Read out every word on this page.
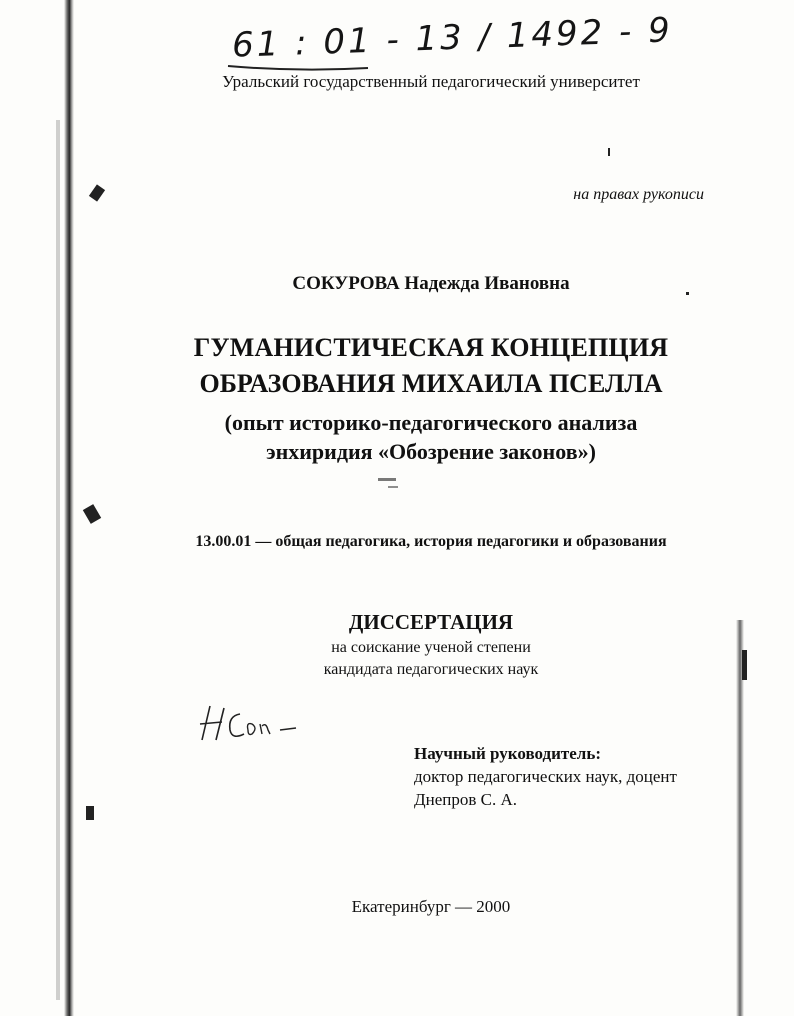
61 : 01 - 13 / 1492 - 9
Уральский государственный педагогический университет
на правах рукописи
СОКУРОВА Надежда Ивановна
ГУМАНИСТИЧЕСКАЯ КОНЦЕПЦИЯ
ОБРАЗОВАНИЯ МИХАИЛА ПСЕЛЛА
(опыт историко-педагогического анализа
энхиридия «Обозрение законов»)
13.00.01 — общая педагогика, история педагогики и образования
ДИССЕРТАЦИЯ
на соискание ученой степени
кандидата педагогических наук
Научный руководитель:
доктор педагогических наук, доцент
Днепров С. А.
Екатеринбург — 2000
